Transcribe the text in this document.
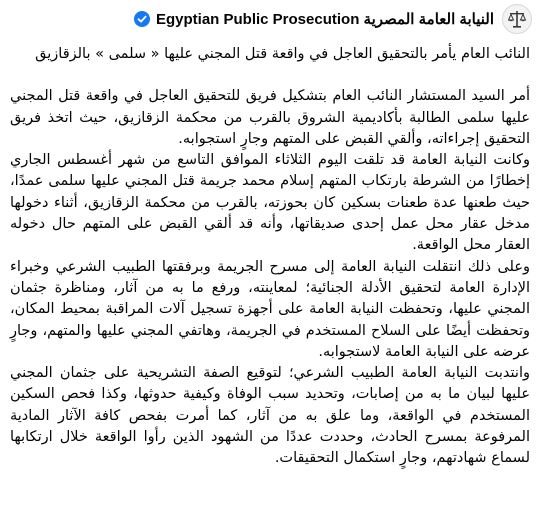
Egyptian Public Prosecution النيابة العامة المصرية

النائب العام يأمر بالتحقيق العاجل في واقعة قتل المجني عليها « سلمى » بالزقازيق

أمر السيد المستشار النائب العام بتشكيل فريق للتحقيق العاجل في واقعة قتل المجني عليها سلمى الطالبة بأكاديمية الشروق بالقرب من محكمة الزقازيق، حيث اتخذ فريق التحقيق إجراءاته، وألقي القبض على المتهم وجارٍ استجوابه.

وكانت النيابة العامة قد تلقت اليوم الثلاثاء الموافق التاسع من شهر أغسطس الجاري إخطارًا من الشرطة بارتكاب المتهم إسلام محمد جريمة قتل المجني عليها سلمى عمدًا، حيث طعنها عدة طعنات بسكين كان بحوزته، بالقرب من محكمة الزقازيق، أثناء دخولها مدخل عقار محل عمل إحدى صديقاتها، وأنه قد ألقي القبض على المتهم حال دخوله العقار محل الواقعة.

وعلى ذلك انتقلت النيابة العامة إلى مسرح الجريمة وبرفقتها الطبيب الشرعي وخبراء الإدارة العامة لتحقيق الأدلة الجنائية؛ لمعاينته، ورفع ما به من آثار، ومناظرة جثمان المجني عليها، وتحفظت النيابة العامة على أجهزة تسجيل آلات المراقبة بمحيط المكان، وتحفظت أيضًا على السلاح المستخدم في الجريمة، وهاتفي المجني عليها والمتهم، وجارٍ عرضه على النيابة العامة لاستجوابه.

وانتدبت النيابة العامة الطبيب الشرعي؛ لتوقيع الصفة التشريحية على جثمان المجني عليها لبيان ما به من إصابات، وتحديد سبب الوفاة وكيفية حدوثها، وكذا فحص السكين المستخدم في الواقعة، وما علق به من آثار، كما أمرت بفحص كافة الآثار المادية المرفوعة بمسرح الحادث، وحددت عددًا من الشهود الذين رأوا الواقعة خلال ارتكابها لسماع شهادتهم، وجارٍ استكمال التحقيقات.
